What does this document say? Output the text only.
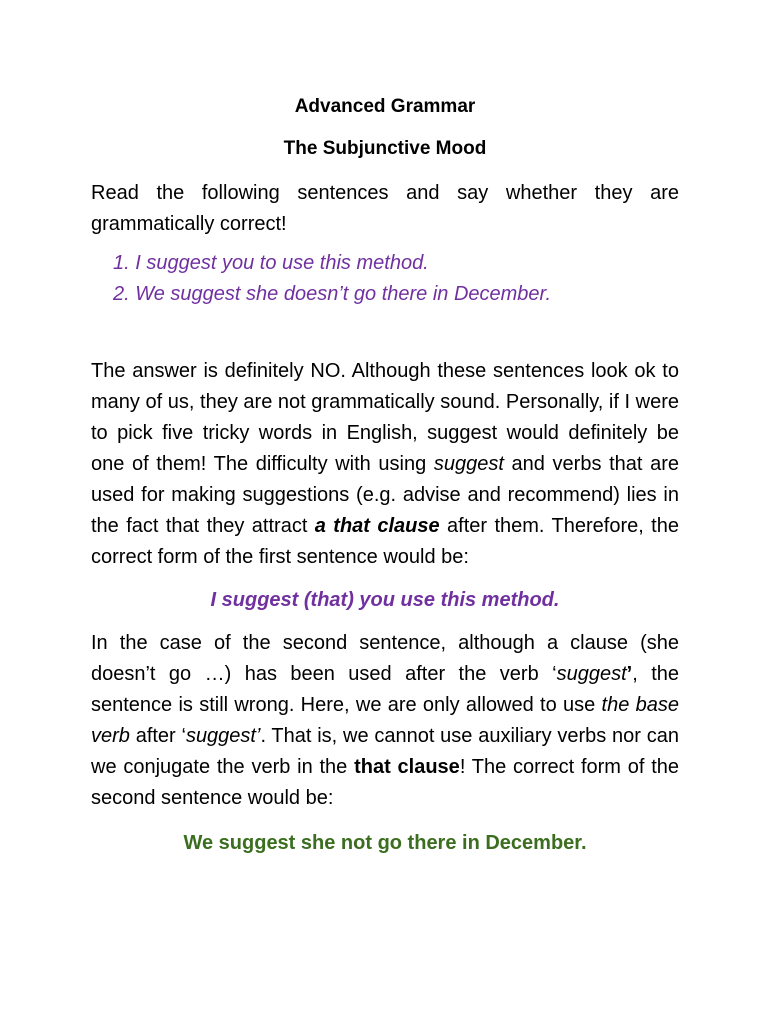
Advanced Grammar

The Subjunctive Mood

Read the following sentences and say whether they are grammatically correct!

1. I suggest you to use this method.
2. We suggest she doesn’t go there in December.

The answer is definitely NO. Although these sentences look ok to many of us, they are not grammatically sound. Personally, if I were to pick five tricky words in English, suggest would definitely be one of them! The difficulty with using suggest and verbs that are used for making suggestions (e.g. advise and recommend) lies in the fact that they attract a that clause after them. Therefore, the correct form of the first sentence would be:

I suggest (that) you use this method.

In the case of the second sentence, although a clause (she doesn’t go …) has been used after the verb ‘suggest’, the sentence is still wrong. Here, we are only allowed to use the base verb after ‘suggest’. That is, we cannot use auxiliary verbs nor can we conjugate the verb in the that clause! The correct form of the second sentence would be:

We suggest she not go there in December.
